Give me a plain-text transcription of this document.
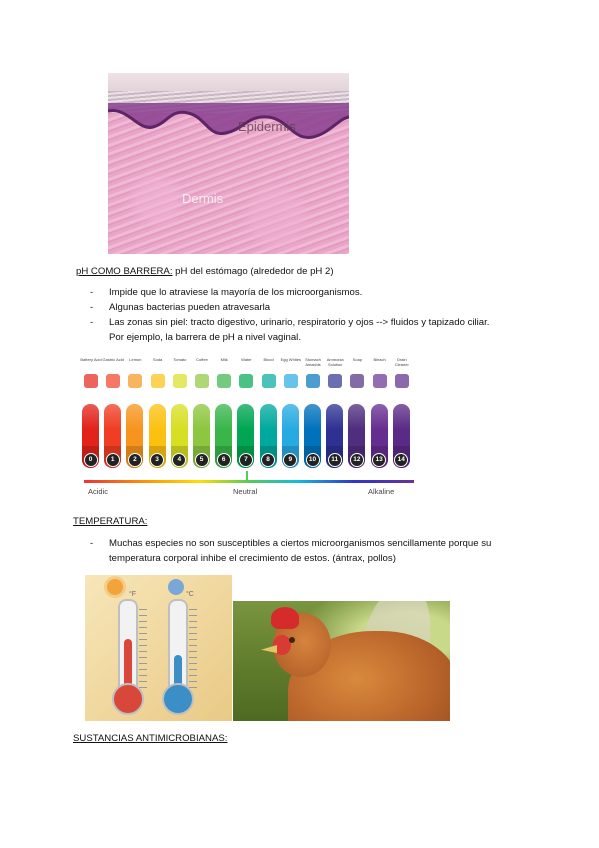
Epidermis
Dermis
pH COMO BARRERA: pH del estómago (alrededor de pH 2)
- Impide que lo atraviese la mayoría de los microorganismos.
- Algunas bacterias pueden atravesarla
- Las zonas sin piel: tracto digestivo, urinario, respiratorio y ojos --> fluidos y tapizado ciliar.
Por ejemplo, la barrera de pH a nivel vaginal.
Battery Acid
0
Gastric Acid
1
Lemon
2
Soda
3
Tomato
4
Coffee
5
Milk
6
Water
7
Blood
8
Egg Whites
9
Stomach Antacids
10
Ammonia Solution
11
Soap
12
Bleach
13
Drain Cleaner
14
Acidic	Neutral	Alkaline
TEMPERATURA:
- Muchas especies no son susceptibles a ciertos microorganismos sencillamente porque su
temperatura corporal inhibe el crecimiento de estos. (ántrax, pollos)
°F	°C
SUSTANCIAS ANTIMICROBIANAS:
